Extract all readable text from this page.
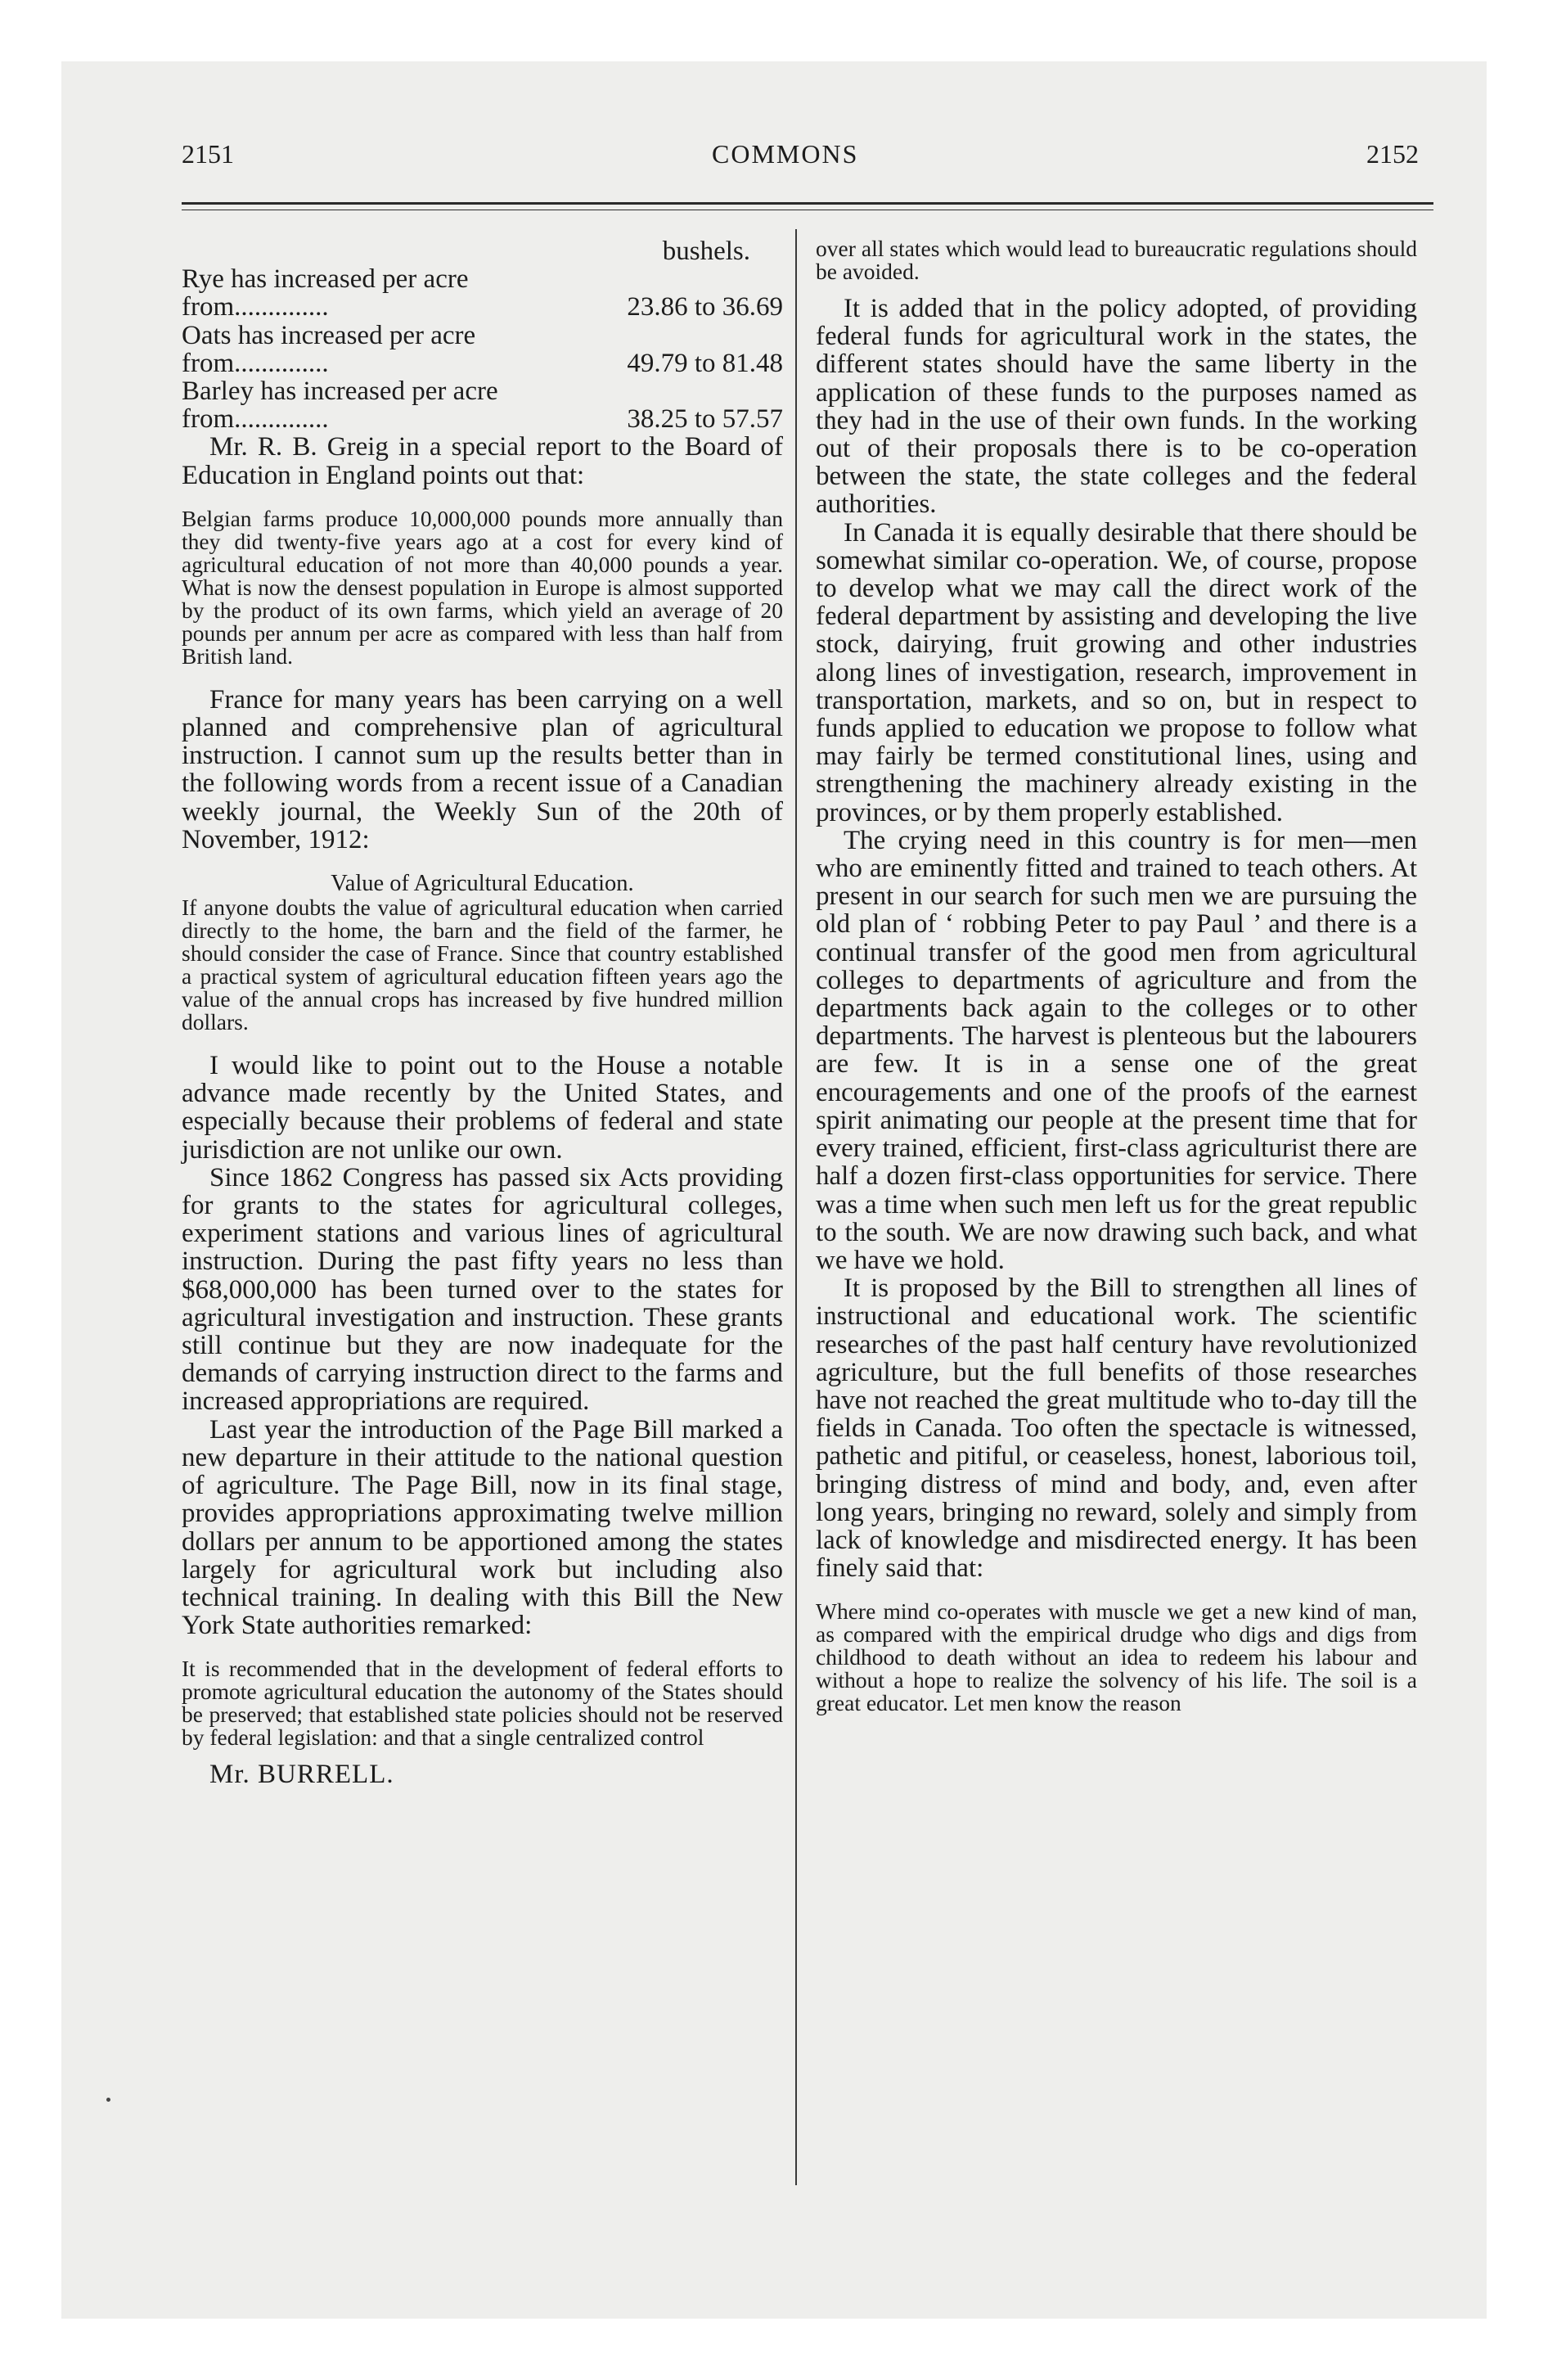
2151	COMMONS	2152
bushels.
Rye has increased per acre
from..............	23.86 to 36.69
Oats has increased per acre
from..............	49.79 to 81.48
Barley has increased per acre
from..............	38.25 to 57.57

Mr. R. B. Greig in a special report to the Board of Education in England points out that:

Belgian farms produce 10,000,000 pounds more annually than they did twenty-five years ago at a cost for every kind of agricultural education of not more than 40,000 pounds a year. What is now the densest population in Europe is almost supported by the product of its own farms, which yield an average of 20 pounds per annum per acre as compared with less than half from British land.

France for many years has been carrying on a well planned and comprehensive plan of agricultural instruction. I cannot sum up the results better than in the following words from a recent issue of a Canadian weekly journal, the Weekly Sun of the 20th of November, 1912:

Value of Agricultural Education.

If anyone doubts the value of agricultural education when carried directly to the home, the barn and the field of the farmer, he should consider the case of France. Since that country established a practical system of agricultural education fifteen years ago the value of the annual crops has increased by five hundred million dollars.

I would like to point out to the House a notable advance made recently by the United States, and especially because their problems of federal and state jurisdiction are not unlike our own.

Since 1862 Congress has passed six Acts providing for grants to the states for agricultural colleges, experiment stations and various lines of agricultural instruction. During the past fifty years no less than $68,000,000 has been turned over to the states for agricultural investigation and instruction. These grants still continue but they are now inadequate for the demands of carrying instruction direct to the farms and increased appropriations are required.

Last year the introduction of the Page Bill marked a new departure in their attitude to the national question of agriculture. The Page Bill, now in its final stage, provides appropriations approximating twelve million dollars per annum to be apportioned among the states largely for agricultural work but including also technical training. In dealing with this Bill the New York State authorities remarked:

It is recommended that in the development of federal efforts to promote agricultural education the autonomy of the States should be preserved; that established state policies should not be reserved by federal legislation: and that a single centralized control

Mr. BURRELL.

over all states which would lead to bureaucratic regulations should be avoided.

It is added that in the policy adopted, of providing federal funds for agricultural work in the states, the different states should have the same liberty in the application of these funds to the purposes named as they had in the use of their own funds. In the working out of their proposals there is to be co-operation between the state, the state colleges and the federal authorities.

In Canada it is equally desirable that there should be somewhat similar co-operation. We, of course, propose to develop what we may call the direct work of the federal department by assisting and developing the live stock, dairying, fruit growing and other industries along lines of investigation, research, improvement in transportation, markets, and so on, but in respect to funds applied to education we propose to follow what may fairly be termed constitutional lines, using and strengthening the machinery already existing in the provinces, or by them properly established.

The crying need in this country is for men—men who are eminently fitted and trained to teach others. At present in our search for such men we are pursuing the old plan of ‘ robbing Peter to pay Paul ’ and there is a continual transfer of the good men from agricultural colleges to departments of agriculture and from the departments back again to the colleges or to other departments. The harvest is plenteous but the labourers are few. It is in a sense one of the great encouragements and one of the proofs of the earnest spirit animating our people at the present time that for every trained, efficient, first-class agriculturist there are half a dozen first-class opportunities for service. There was a time when such men left us for the great republic to the south. We are now drawing such back, and what we have we hold.

It is proposed by the Bill to strengthen all lines of instructional and educational work. The scientific researches of the past half century have revolutionized agriculture, but the full benefits of those researches have not reached the great multitude who to-day till the fields in Canada. Too often the spectacle is witnessed, pathetic and pitiful, or ceaseless, honest, laborious toil, bringing distress of mind and body, and, even after long years, bringing no reward, solely and simply from lack of knowledge and misdirected energy. It has been finely said that:

Where mind co-operates with muscle we get a new kind of man, as compared with the empirical drudge who digs and digs from childhood to death without an idea to redeem his labour and without a hope to realize the solvency of his life. The soil is a great educator. Let men know the reason
